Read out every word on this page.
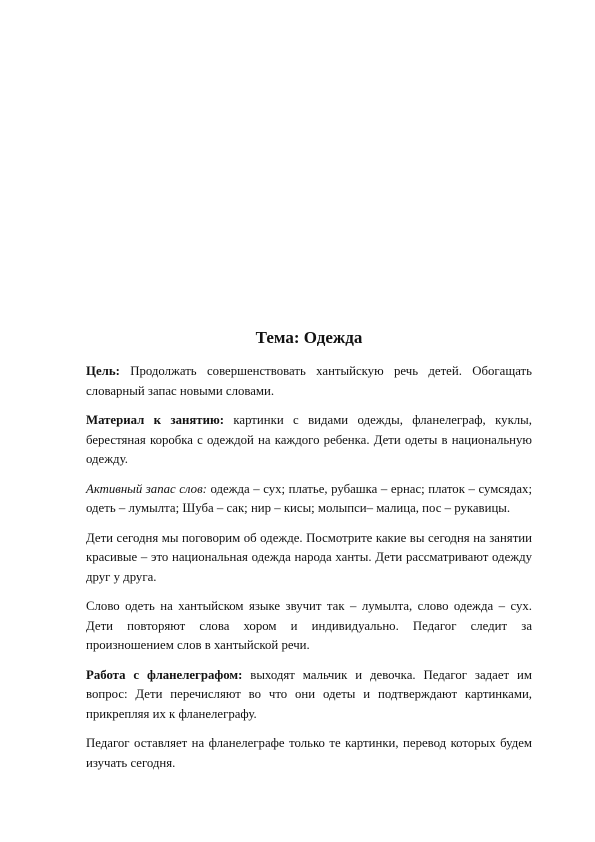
Тема: Одежда

Цель: Продолжать совершенствовать хантыйскую речь детей. Обогащать словарный запас новыми словами.

Материал к занятию: картинки с видами одежды, фланелеграф, куклы, берестяная коробка с одеждой на каждого ребенка. Дети одеты в национальную одежду.

Активный запас слов: одежда – сух; платье, рубашка – ернас; платок – сумсядах; одеть – лумылта; Шуба – сак; нир – кисы; молыпси– малица, пос – рукавицы.

Дети сегодня мы поговорим об одежде. Посмотрите какие вы сегодня на занятии красивые – это национальная одежда народа ханты. Дети рассматривают одежду друг у друга.

Слово одеть на хантыйском языке звучит так – лумылта, слово одежда – сух. Дети повторяют слова хором и индивидуально. Педагог следит за произношением слов в хантыйской речи.

Работа с фланелеграфом: выходят мальчик и девочка. Педагог задает им вопрос: Дети перечисляют во что они одеты и подтверждают картинками, прикрепляя их к фланелеграфу.

Педагог оставляет на фланелеграфе только те картинки, перевод которых будем изучать сегодня.
